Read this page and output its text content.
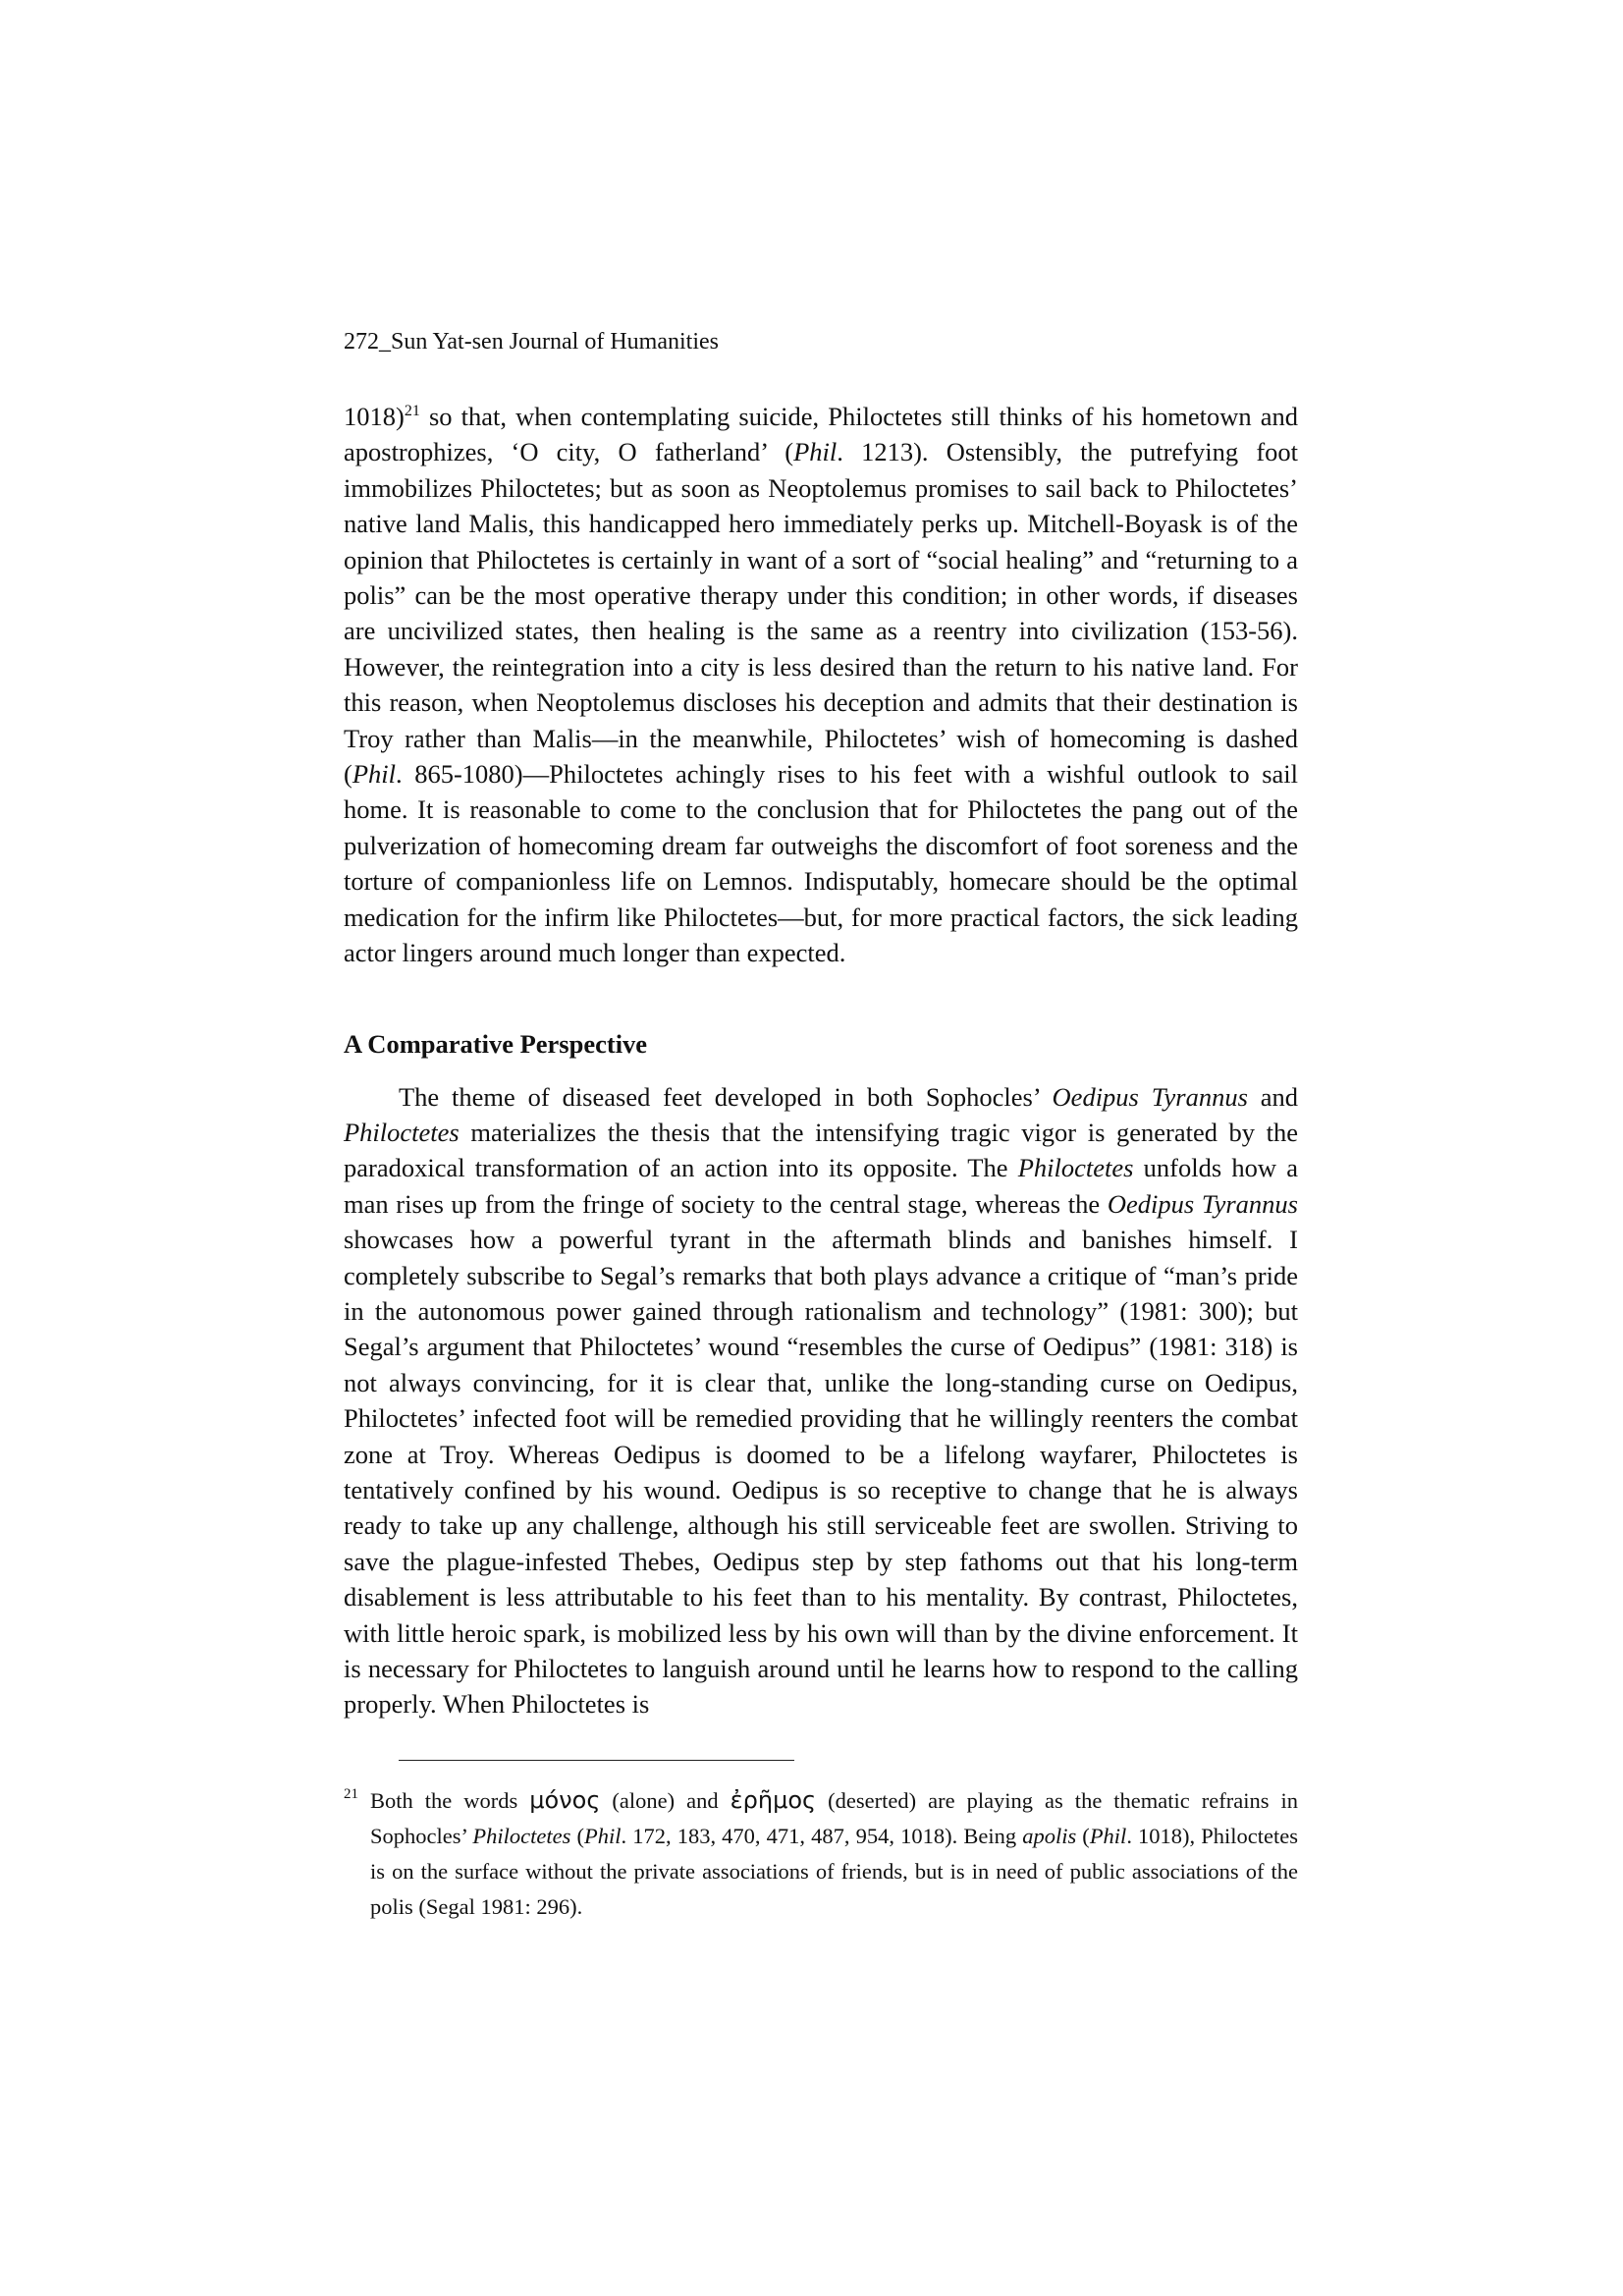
272_Sun Yat-sen Journal of Humanities

1018)$^{21}$ so that, when contemplating suicide, Philoctetes still thinks of his hometown and apostrophizes, ‘O city, O fatherland’ (Phil. 1213). Ostensibly, the putrefying foot immobilizes Philoctetes; but as soon as Neoptolemus promises to sail back to Philoctetes’ native land Malis, this handicapped hero immediately perks up. Mitchell-Boyask is of the opinion that Philoctetes is certainly in want of a sort of “social healing” and “returning to a polis” can be the most operative therapy under this condition; in other words, if diseases are uncivilized states, then healing is the same as a reentry into civilization (153-56). However, the reintegration into a city is less desired than the return to his native land. For this reason, when Neoptolemus discloses his deception and admits that their destination is Troy rather than Malis—in the meanwhile, Philoctetes’ wish of homecoming is dashed (Phil. 865-1080)—Philoctetes achingly rises to his feet with a wishful outlook to sail home. It is reasonable to come to the conclusion that for Philoctetes the pang out of the pulverization of homecoming dream far outweighs the discomfort of foot soreness and the torture of companionless life on Lemnos. Indisputably, homecare should be the optimal medication for the infirm like Philoctetes—but, for more practical factors, the sick leading actor lingers around much longer than expected.

A Comparative Perspective

The theme of diseased feet developed in both Sophocles’ Oedipus Tyrannus and Philoctetes materializes the thesis that the intensifying tragic vigor is generated by the paradoxical transformation of an action into its opposite. The Philoctetes unfolds how a man rises up from the fringe of society to the central stage, whereas the Oedipus Tyrannus showcases how a powerful tyrant in the aftermath blinds and banishes himself. I completely subscribe to Segal’s remarks that both plays advance a critique of “man’s pride in the autonomous power gained through rationalism and technology” (1981: 300); but Segal’s argument that Philoctetes’ wound “resembles the curse of Oedipus” (1981: 318) is not always convincing, for it is clear that, unlike the long-standing curse on Oedipus, Philoctetes’ infected foot will be remedied providing that he willingly reenters the combat zone at Troy. Whereas Oedipus is doomed to be a lifelong wayfarer, Philoctetes is tentatively confined by his wound. Oedipus is so receptive to change that he is always ready to take up any challenge, although his still serviceable feet are swollen. Striving to save the plague-infested Thebes, Oedipus step by step fathoms out that his long-term disablement is less attributable to his feet than to his mentality. By contrast, Philoctetes, with little heroic spark, is mobilized less by his own will than by the divine enforcement. It is necessary for Philoctetes to languish around until he learns how to respond to the calling properly. When Philoctetes is

21 Both the words μόνος (alone) and ἐρῆμος (deserted) are playing as the thematic refrains in Sophocles’ Philoctetes (Phil. 172, 183, 470, 471, 487, 954, 1018). Being apolis (Phil. 1018), Philoctetes is on the surface without the private associations of friends, but is in need of public associations of the polis (Segal 1981: 296).
